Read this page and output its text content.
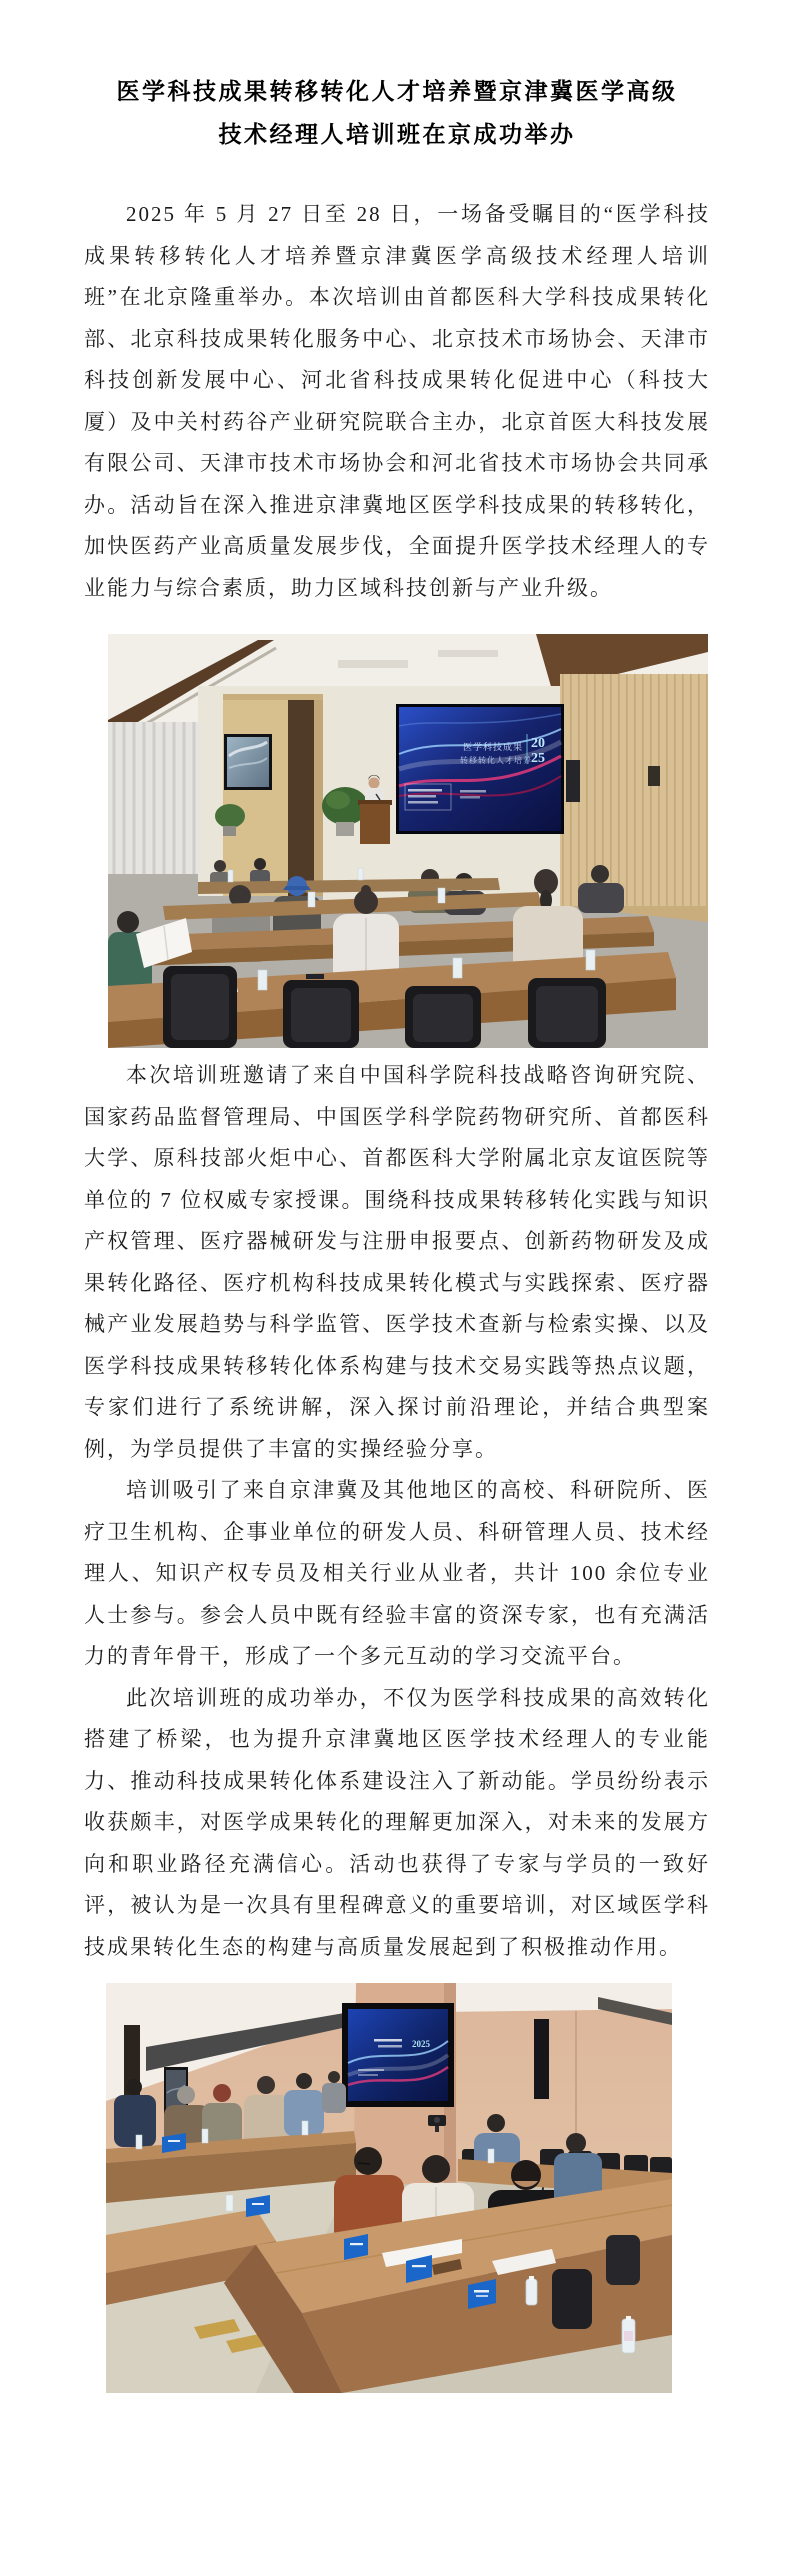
医学科技成果转移转化人才培养暨京津冀医学高级
技术经理人培训班在京成功举办

2025 年 5 月 27 日至 28 日，一场备受瞩目的“医学科技成果转移转化人才培养暨京津冀医学高级技术经理人培训班”在北京隆重举办。本次培训由首都医科大学科技成果转化部、北京科技成果转化服务中心、北京技术市场协会、天津市科技创新发展中心、河北省科技成果转化促进中心（科技大厦）及中关村药谷产业研究院联合主办，北京首医大科技发展有限公司、天津市技术市场协会和河北省技术市场协会共同承办。活动旨在深入推进京津冀地区医学科技成果的转移转化，加快医药产业高质量发展步伐，全面提升医学技术经理人的专业能力与综合素质，助力区域科技创新与产业升级。

医学科技成果
转移转化人才培养
20
25

本次培训班邀请了来自中国科学院科技战略咨询研究院、国家药品监督管理局、中国医学科学院药物研究所、首都医科大学、原科技部火炬中心、首都医科大学附属北京友谊医院等单位的 7 位权威专家授课。围绕科技成果转移转化实践与知识产权管理、医疗器械研发与注册申报要点、创新药物研发及成果转化路径、医疗机构科技成果转化模式与实践探索、医疗器械产业发展趋势与科学监管、医学技术查新与检索实操、以及医学科技成果转移转化体系构建与技术交易实践等热点议题，专家们进行了系统讲解，深入探讨前沿理论，并结合典型案例，为学员提供了丰富的实操经验分享。

培训吸引了来自京津冀及其他地区的高校、科研院所、医疗卫生机构、企事业单位的研发人员、科研管理人员、技术经理人、知识产权专员及相关行业从业者，共计 100 余位专业人士参与。参会人员中既有经验丰富的资深专家，也有充满活力的青年骨干，形成了一个多元互动的学习交流平台。

此次培训班的成功举办，不仅为医学科技成果的高效转化搭建了桥梁，也为提升京津冀地区医学技术经理人的专业能力、推动科技成果转化体系建设注入了新动能。学员纷纷表示收获颇丰，对医学成果转化的理解更加深入，对未来的发展方向和职业路径充满信心。活动也获得了专家与学员的一致好评，被认为是一次具有里程碑意义的重要培训，对区域医学科技成果转化生态的构建与高质量发展起到了积极推动作用。

2025
